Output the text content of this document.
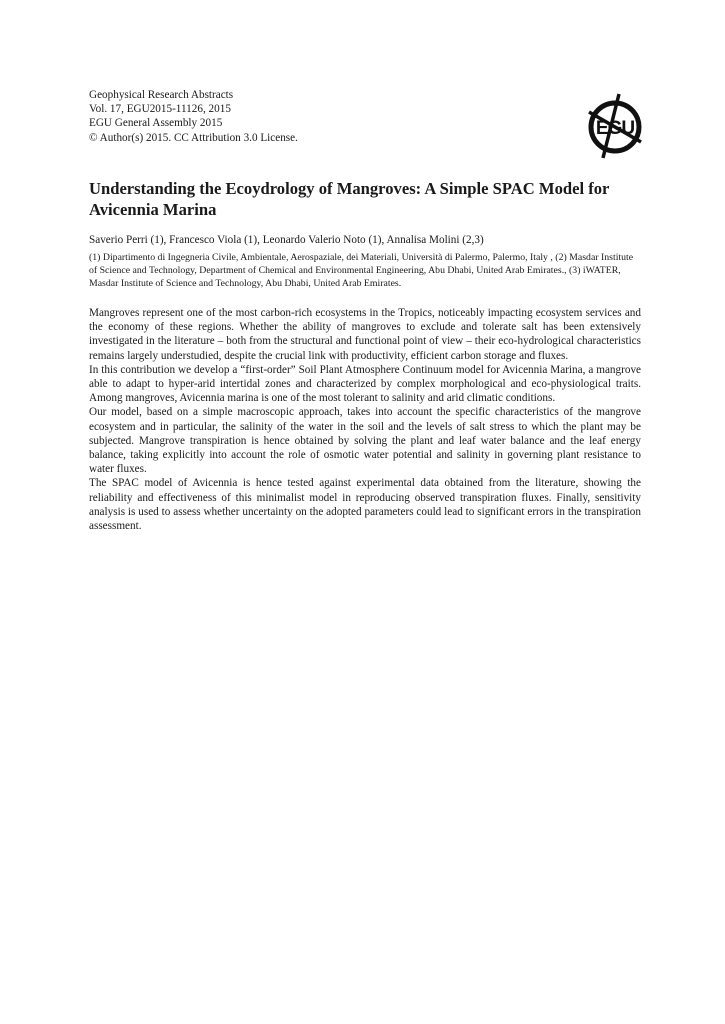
Geophysical Research Abstracts
Vol. 17, EGU2015-11126, 2015
EGU General Assembly 2015
© Author(s) 2015. CC Attribution 3.0 License.	EGU
Understanding the Ecoydrology of Mangroves: A Simple SPAC Model for Avicennia Marina
Saverio Perri (1), Francesco Viola (1), Leonardo Valerio Noto (1), Annalisa Molini (2,3)
(1) Dipartimento di Ingegneria Civile, Ambientale, Aerospaziale, dei Materiali, Università di Palermo, Palermo, Italy , (2) Masdar Institute of Science and Technology, Department of Chemical and Environmental Engineering, Abu Dhabi, United Arab Emirates., (3) iWATER, Masdar Institute of Science and Technology, Abu Dhabi, United Arab Emirates.

Mangroves represent one of the most carbon-rich ecosystems in the Tropics, noticeably impacting ecosystem services and the economy of these regions. Whether the ability of mangroves to exclude and tolerate salt has been extensively investigated in the literature – both from the structural and functional point of view – their eco-hydrological characteristics remains largely understudied, despite the crucial link with productivity, efficient carbon storage and fluxes.

In this contribution we develop a “first-order” Soil Plant Atmosphere Continuum model for Avicennia Marina, a mangrove able to adapt to hyper-arid intertidal zones and characterized by complex morphological and eco-physiological traits. Among mangroves, Avicennia marina is one of the most tolerant to salinity and arid climatic conditions.

Our model, based on a simple macroscopic approach, takes into account the specific characteristics of the mangrove ecosystem and in particular, the salinity of the water in the soil and the levels of salt stress to which the plant may be subjected. Mangrove transpiration is hence obtained by solving the plant and leaf water balance and the leaf energy balance, taking explicitly into account the role of osmotic water potential and salinity in governing plant resistance to water fluxes.

The SPAC model of Avicennia is hence tested against experimental data obtained from the literature, showing the reliability and effectiveness of this minimalist model in reproducing observed transpiration fluxes. Finally, sensitivity analysis is used to assess whether uncertainty on the adopted parameters could lead to significant errors in the transpiration assessment.
